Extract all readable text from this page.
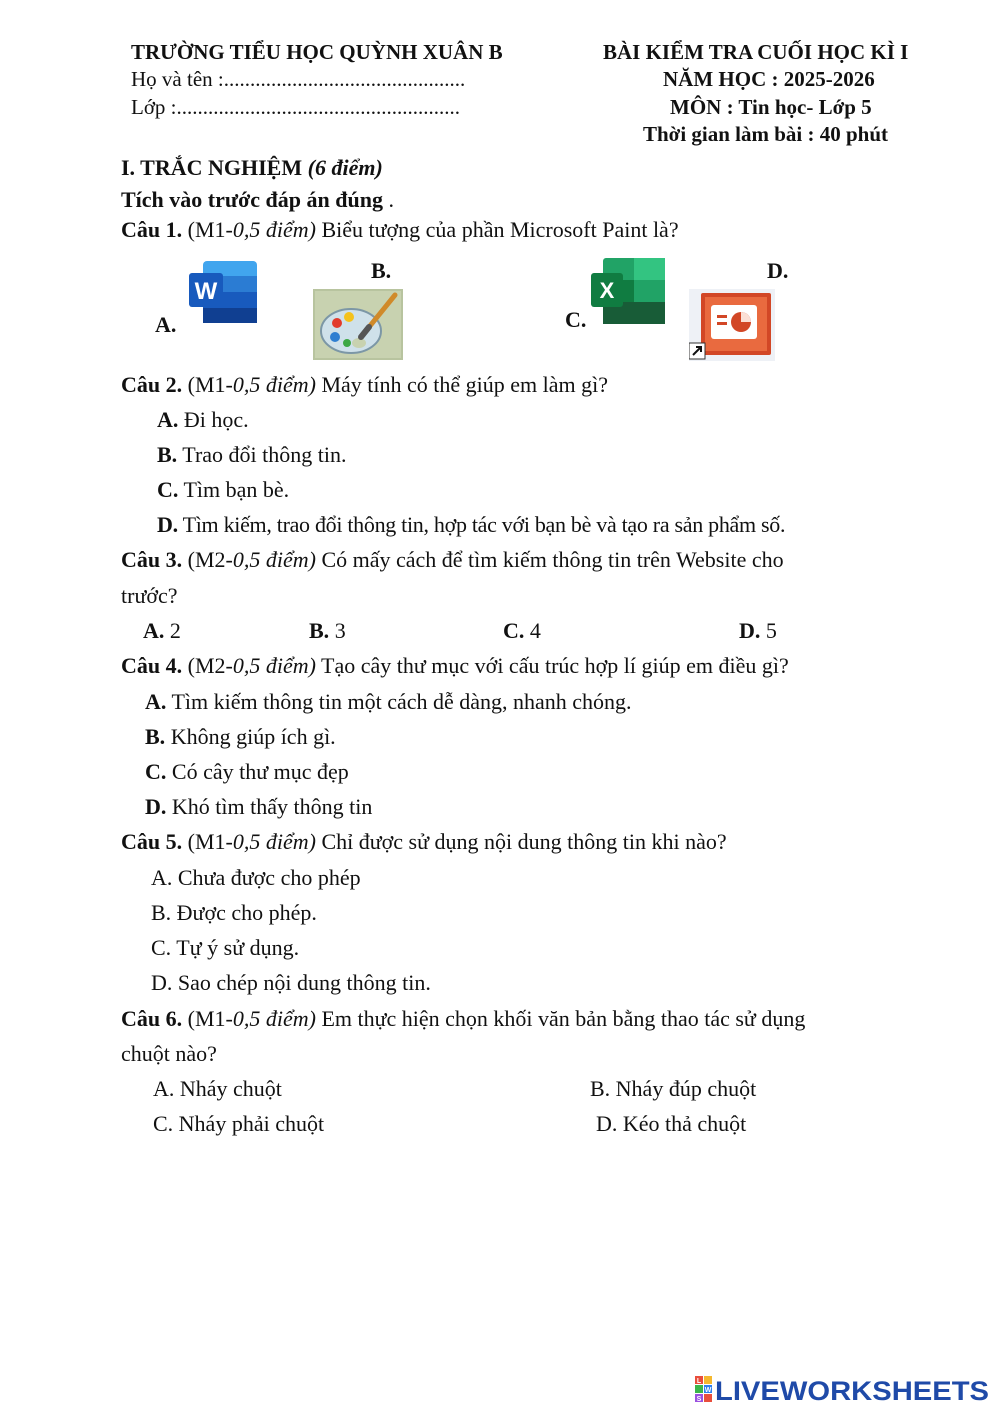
TRƯỜNG TIỂU HỌC QUỲNH XUÂN B
Họ và tên :..............................................
Lớp :......................................................
BÀI KIỂM TRA CUỐI HỌC KÌ I
NĂM HỌC : 2025-2026
MÔN : Tin học- Lớp 5
Thời gian làm bài : 40 phút
I. TRẮC NGHIỆM (6 điểm)
Tích vào trước đáp án đúng .
Câu 1. (M1-0,5 điểm) Biểu tượng của phần Microsoft Paint là?
A.
B.
C.
D.
W	X
Câu 2. (M1-0,5 điểm) Máy tính có thể giúp em làm gì?
A. Đi học.
B. Trao đổi thông tin.
C. Tìm bạn bè.
D. Tìm kiếm, trao đổi thông tin, hợp tác với bạn bè và tạo ra sản phẩm số.
Câu 3. (M2-0,5 điểm) Có mấy cách để tìm kiếm thông tin trên Website cho
trước?
A. 2	B. 3	C. 4	D. 5
Câu 4. (M2-0,5 điểm) Tạo cây thư mục với cấu trúc hợp lí giúp em điều gì?
A. Tìm kiếm thông tin một cách dễ dàng, nhanh chóng.
B. Không giúp ích gì.
C. Có cây thư mục đẹp
D. Khó tìm thấy thông tin
Câu 5. (M1-0,5 điểm) Chỉ được sử dụng nội dung thông tin khi nào?
A. Chưa được cho phép
B. Được cho phép.
C. Tự ý sử dụng.
D. Sao chép nội dung thông tin.
Câu 6. (M1-0,5 điểm) Em thực hiện chọn khối văn bản bằng thao tác sử dụng
chuột nào?
A. Nháy chuột	B. Nháy đúp chuột
C. Nháy phải chuột	D. Kéo thả chuột
L
W
S LIVEWORKSHEETS
